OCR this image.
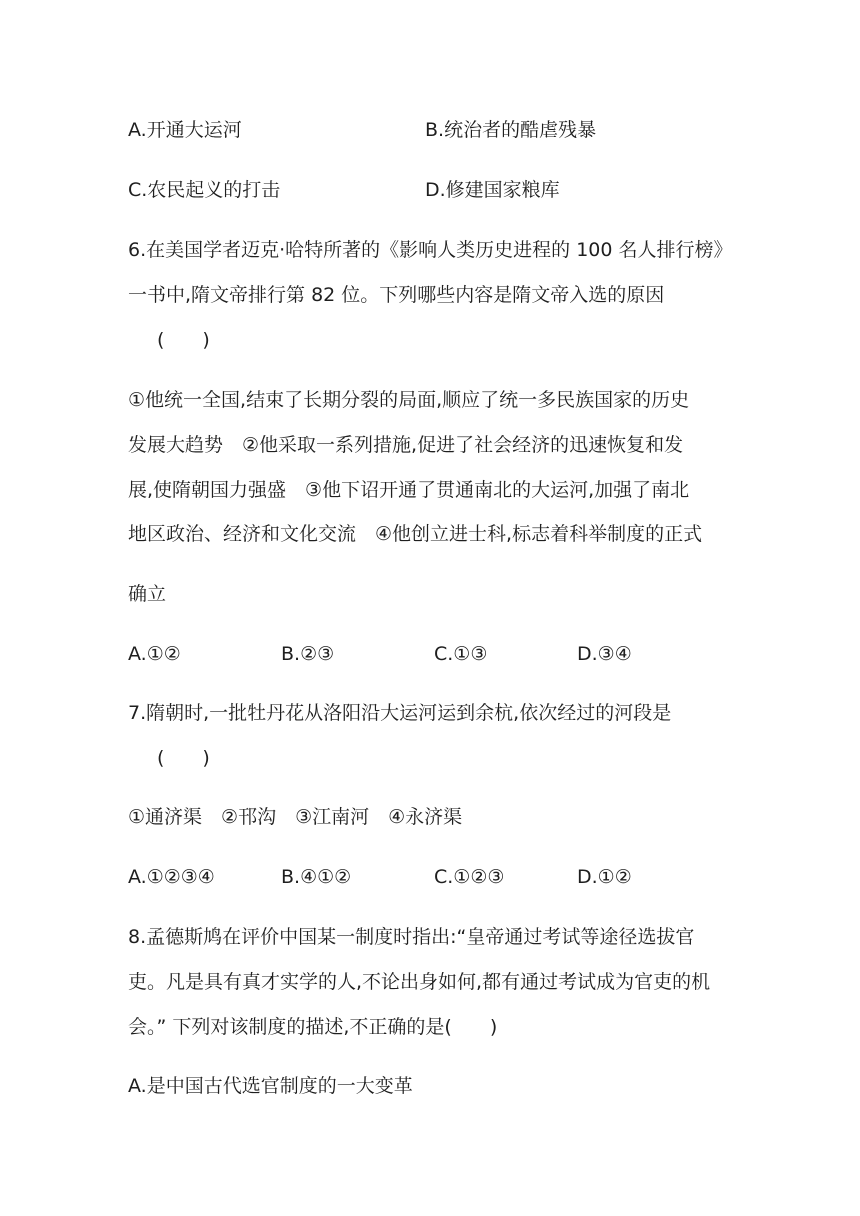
A.开通大运河	B.统治者的酷虐残暴
C.农民起义的打击	D.修建国家粮库
6.在美国学者迈克·哈特所著的《影响人类历史进程的 100 名人排行榜》
一书中,隋文帝排行第 82 位。下列哪些内容是隋文帝入选的原因
(　　)
①他统一全国,结束了长期分裂的局面,顺应了统一多民族国家的历史
发展大趋势　②他采取一系列措施,促进了社会经济的迅速恢复和发
展,使隋朝国力强盛　③他下诏开通了贯通南北的大运河,加强了南北
地区政治、经济和文化交流　④他创立进士科,标志着科举制度的正式
确立
A.①②	B.②③	C.①③	D.③④
7.隋朝时,一批牡丹花从洛阳沿大运河运到余杭,依次经过的河段是
(　　)
①通济渠　②邗沟　③江南河　④永济渠
A.①②③④	B.④①②	C.①②③	D.①②
8.孟德斯鸠在评价中国某一制度时指出:“皇帝通过考试等途径选拔官
吏。凡是具有真才实学的人,不论出身如何,都有通过考试成为官吏的机
会。” 下列对该制度的描述,不正确的是(　　)
A.是中国古代选官制度的一大变革
